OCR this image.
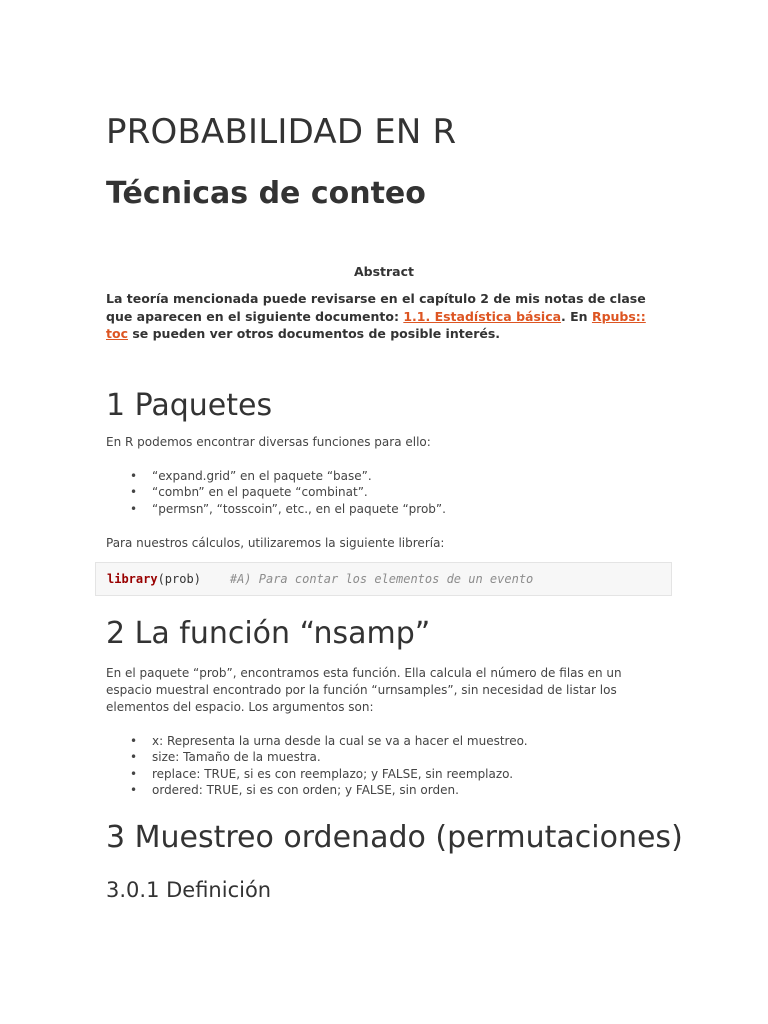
PROBABILIDAD EN R
Técnicas de conteo
Abstract

La teoría mencionada puede revisarse en el capítulo 2 de mis notas de clase que aparecen en el siguiente documento: 1.1. Estadística básica. En Rpubs:: toc se pueden ver otros documentos de posible interés.

1 Paquetes

En R podemos encontrar diversas funciones para ello:

• “expand.grid” en el paquete “base”.
• “combn” en el paquete “combinat”.
• “permsn”, “tosscoin”, etc., en el paquete “prob”.

Para nuestros cálculos, utilizaremos la siguiente librería:

library(prob) #A) Para contar los elementos de un evento
2 La función “nsamp”

En el paquete “prob”, encontramos esta función. Ella calcula el número de filas en un espacio muestral encontrado por la función “urnsamples”, sin necesidad de listar los elementos del espacio. Los argumentos son:

• x: Representa la urna desde la cual se va a hacer el muestreo.
• size: Tamaño de la muestra.
• replace: TRUE, si es con reemplazo; y FALSE, sin reemplazo.
• ordered: TRUE, si es con orden; y FALSE, sin orden.
3 Muestreo ordenado (permutaciones)
3.0.1 Definición
